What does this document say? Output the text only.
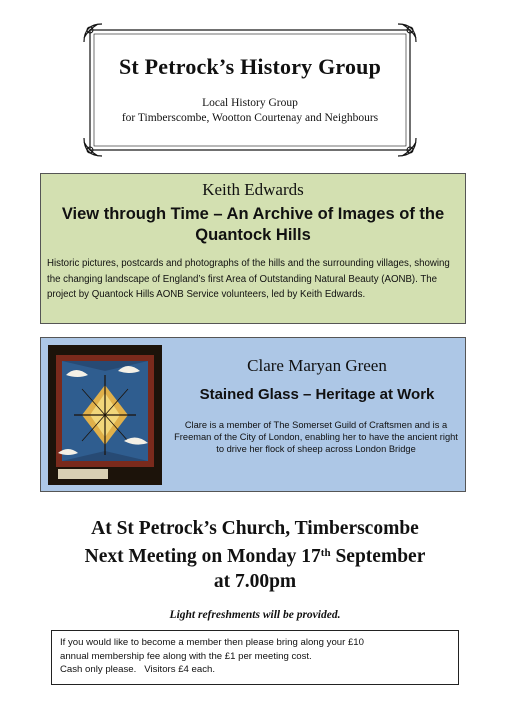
St Petrock’s History Group
Local History Group
for Timberscombe, Wootton Courtenay and Neighbours
Keith Edwards
View through Time – An Archive of Images of the Quantock Hills
Historic pictures, postcards and photographs of the hills and the surrounding villages, showing the changing landscape of England’s first Area of Outstanding Natural Beauty (AONB). The project by Quantock Hills AONB Service volunteers, led by Keith Edwards.
Clare Maryan Green
Stained Glass – Heritage at Work
Clare is a member of The Somerset Guild of Craftsmen and is a Freeman of the City of London, enabling her to have the ancient right to drive her flock of sheep across London Bridge
At St Petrock’s Church, Timberscombe
Next Meeting on Monday 17th September
at 7.00pm
Light refreshments will be provided.
If you would like to become a member then please bring along your £10
annual membership fee along with the £1 per meeting cost.
Cash only please.   Visitors £4 each.
